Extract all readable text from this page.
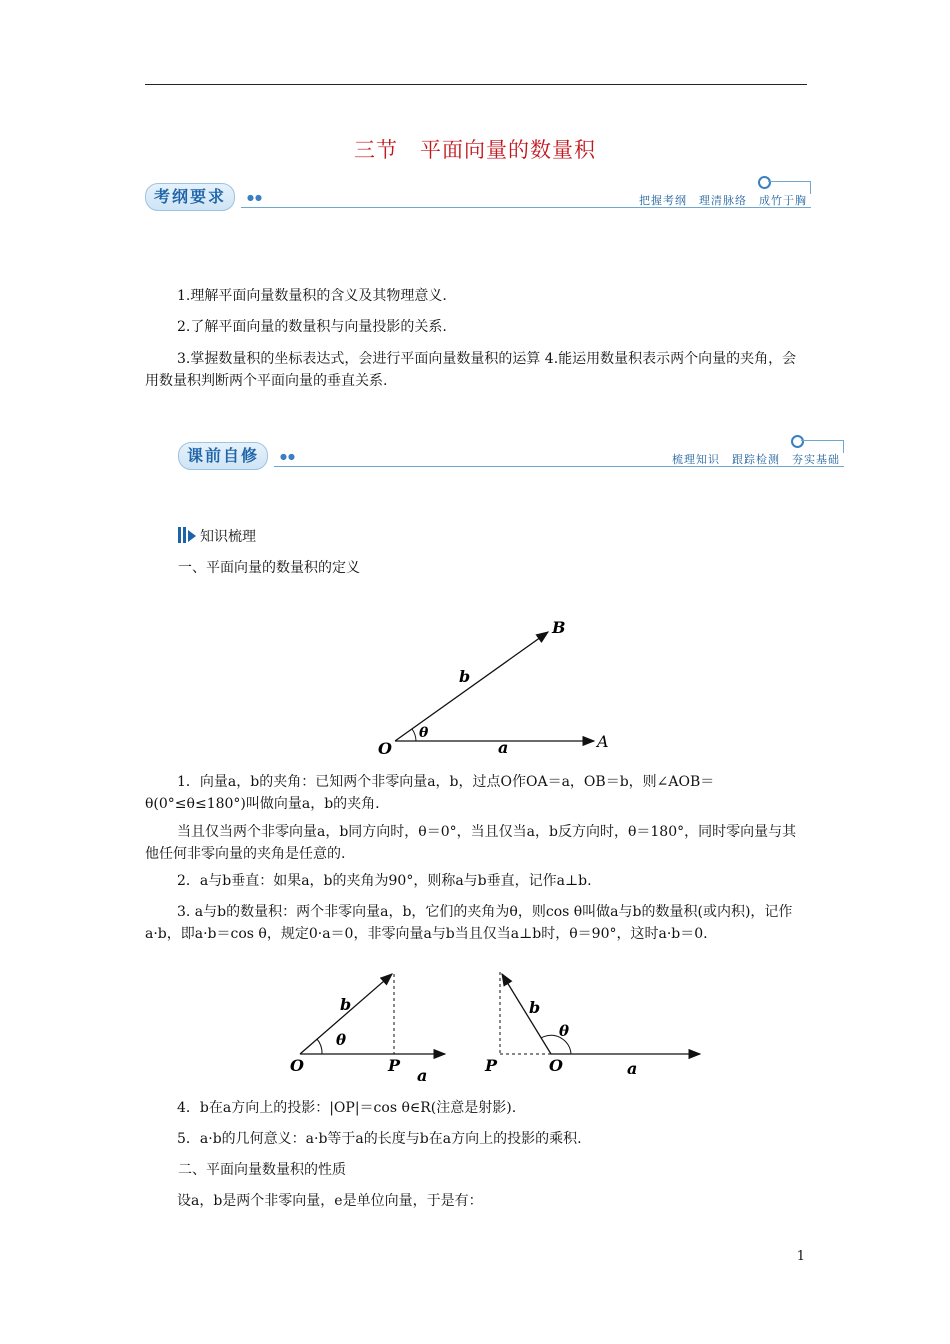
三节　平面向量的数量积
考纲要求	●●	把握考纲　理清脉络　成竹于胸
1.理解平面向量数量积的含义及其物理意义.
2.了解平面向量的数量积与向量投影的关系.
3.掌握数量积的坐标表达式，会进行平面向量数量积的运算 4.能运用数量积表示两个向量的夹角，会用数量积判断两个平面向量的垂直关系.
课前自修	●●	梳理知识　跟踪检测　夯实基础
知识梳理
一、平面向量的数量积的定义
O	A
B
a
b
θ
1．向量a，b的夹角：已知两个非零向量a，b，过点O作OA＝a，OB＝b，则∠AOB＝θ(0°≤θ≤180°)叫做向量a，b的夹角.
当且仅当两个非零向量a，b同方向时，θ＝0°，当且仅当a，b反方向时，θ＝180°，同时零向量与其他任何非零向量的夹角是任意的.
2．a与b垂直：如果a，b的夹角为90°，则称a与b垂直，记作a⊥b.
3. a与b的数量积：两个非零向量a，b，它们的夹角为θ，则cos θ叫做a与b的数量积(或内积)，记作a·b，即a·b＝cos θ，规定0·a＝0，非零向量a与b当且仅当a⊥b时，θ＝90°，这时a·b＝0.
O	P
a
b
θ
P	O	a
b
θ
4．b在a方向上的投影：|OP|＝cos θ∈R(注意是射影).
5．a·b的几何意义：a·b等于a的长度与b在a方向上的投影的乘积.
二、平面向量数量积的性质
设a，b是两个非零向量，e是单位向量，于是有：
1
